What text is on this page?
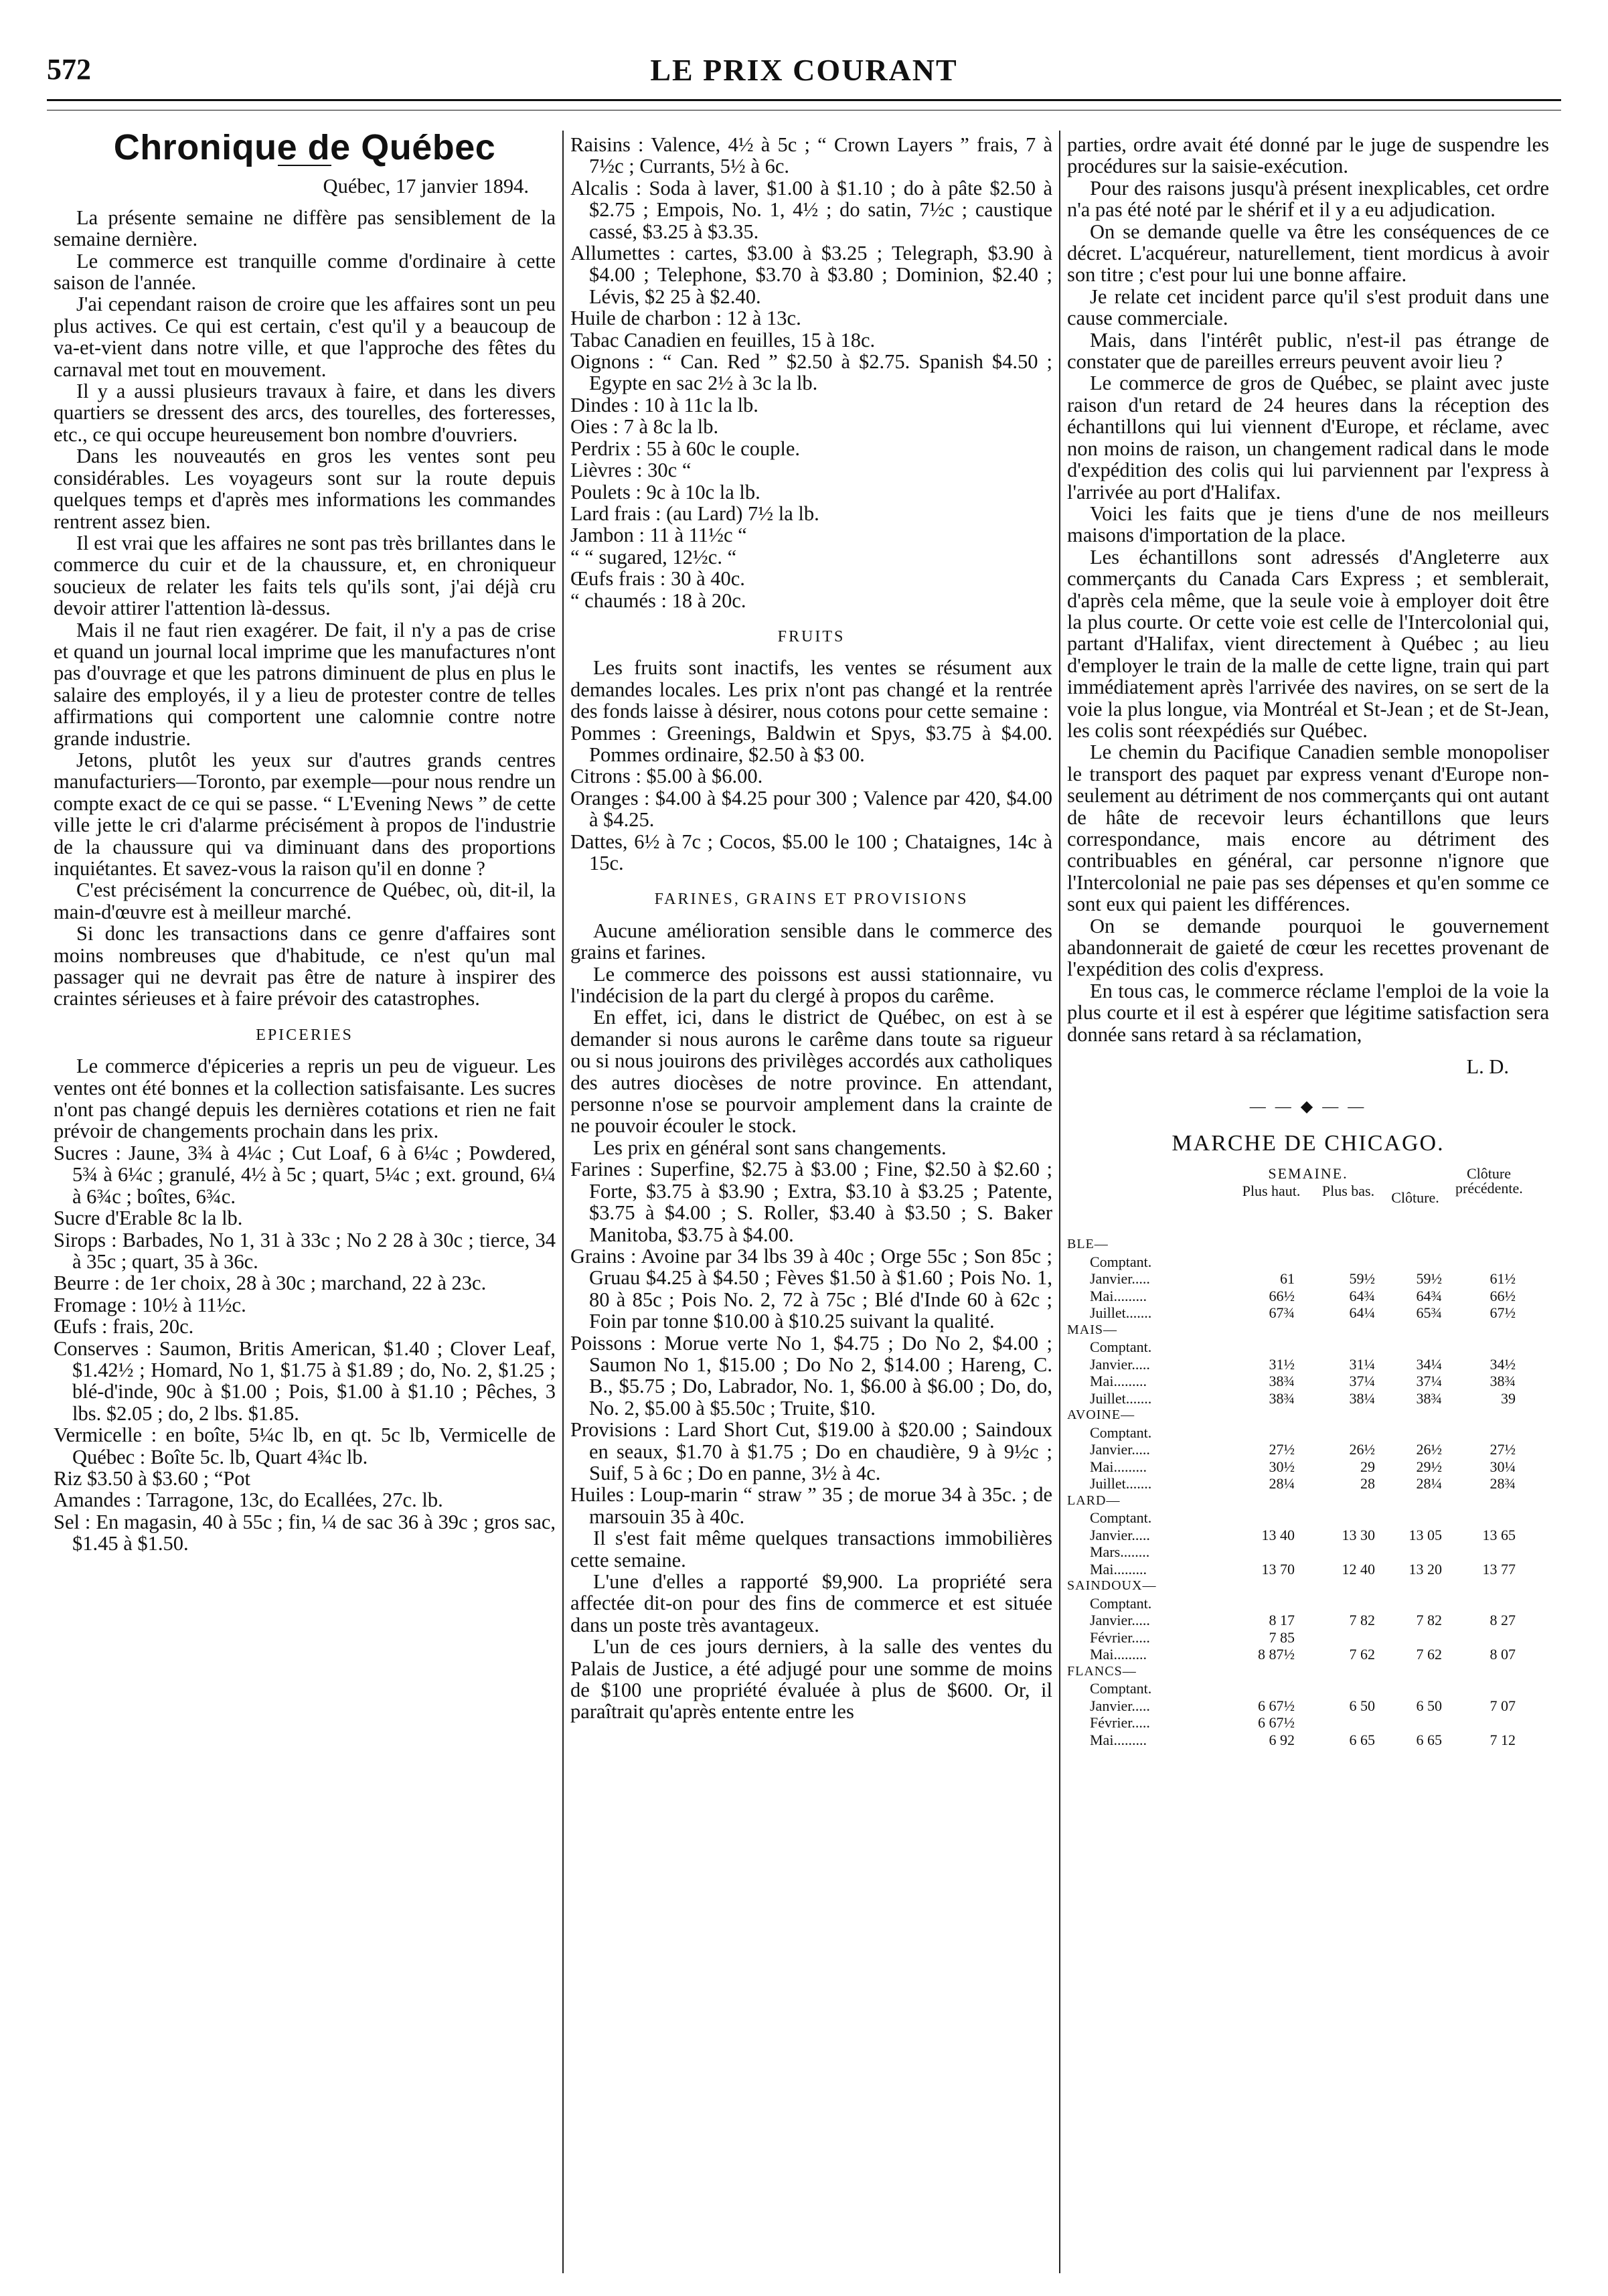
572	LE PRIX COURANT
Chronique de Québec
Québec, 17 janvier 1894.

La présente semaine ne diffère pas sensiblement de la semaine dernière.

Le commerce est tranquille comme d'ordinaire à cette saison de l'année.

J'ai cependant raison de croire que les affaires sont un peu plus actives. Ce qui est certain, c'est qu'il y a beaucoup de va-et-vient dans notre ville, et que l'approche des fêtes du carnaval met tout en mouvement.

Il y a aussi plusieurs travaux à faire, et dans les divers quartiers se dressent des arcs, des tourelles, des forteresses, etc., ce qui occupe heureusement bon nombre d'ouvriers.

Dans les nouveautés en gros les ventes sont peu considérables. Les voyageurs sont sur la route depuis quelques temps et d'après mes informations les commandes rentrent assez bien.

Il est vrai que les affaires ne sont pas très brillantes dans le commerce du cuir et de la chaussure, et, en chroniqueur soucieux de relater les faits tels qu'ils sont, j'ai déjà cru devoir attirer l'attention là-dessus.

Mais il ne faut rien exagérer. De fait, il n'y a pas de crise et quand un journal local imprime que les manufactures n'ont pas d'ouvrage et que les patrons diminuent de plus en plus le salaire des employés, il y a lieu de protester contre de telles affirmations qui comportent une calomnie contre notre grande industrie.

Jetons, plutôt les yeux sur d'autres grands centres manufacturiers—Toronto, par exemple—pour nous rendre un compte exact de ce qui se passe. “ L'Evening News ” de cette ville jette le cri d'alarme précisément à propos de l'industrie de la chaussure qui va diminuant dans des proportions inquiétantes. Et savez-vous la raison qu'il en donne ?

C'est précisément la concurrence de Québec, où, dit-il, la main-d'œuvre est à meilleur marché.

Si donc les transactions dans ce genre d'affaires sont moins nombreuses que d'habitude, ce n'est qu'un mal passager qui ne devrait pas être de nature à inspirer des craintes sérieuses et à faire prévoir des catastrophes.

EPICERIES

Le commerce d'épiceries a repris un peu de vigueur. Les ventes ont été bonnes et la collection satisfaisante. Les sucres n'ont pas changé depuis les dernières cotations et rien ne fait prévoir de changements prochain dans les prix.

Sucres : Jaune, 3¾ à 4¼c ; Cut Loaf, 6 à 6¼c ; Powdered, 5¾ à 6¼c ; granulé, 4½ à 5c ; quart, 5¼c ; ext. ground, 6¼ à 6¾c ; boîtes, 6¾c.

Sucre d'Erable 8c la lb.

Sirops : Barbades, No 1, 31 à 33c ; No 2 28 à 30c ; tierce, 34 à 35c ; quart, 35 à 36c.

Beurre : de 1er choix, 28 à 30c ; marchand, 22 à 23c.

Fromage : 10½ à 11½c.

Œufs : frais, 20c.

Conserves : Saumon, Britis American, $1.40 ; Clover Leaf, $1.42½ ; Homard, No 1, $1.75 à $1.89 ; do, No. 2, $1.25 ; blé-d'inde, 90c à $1.00 ; Pois, $1.00 à $1.10 ; Pêches, 3 lbs. $2.05 ; do, 2 lbs. $1.85.

Vermicelle : en boîte, 5¼c lb, en qt. 5c lb, Vermicelle de Québec : Boîte 5c. lb, Quart 4¾c lb.

Riz $3.50 à $3.60 ; “Pot

Amandes : Tarragone, 13c, do Ecallées, 27c. lb.

Sel : En magasin, 40 à 55c ; fin, ¼ de sac 36 à 39c ; gros sac, $1.45 à $1.50.

Raisins : Valence, 4½ à 5c ; “ Crown Layers ” frais, 7 à 7½c ; Currants, 5½ à 6c.

Alcalis : Soda à laver, $1.00 à $1.10 ; do à pâte $2.50 à $2.75 ; Empois, No. 1, 4½ ; do satin, 7½c ; caustique cassé, $3.25 à $3.35.

Allumettes : cartes, $3.00 à $3.25 ; Telegraph, $3.90 à $4.00 ; Telephone, $3.70 à $3.80 ; Dominion, $2.40 ; Lévis, $2 25 à $2.40.

Huile de charbon : 12 à 13c.

Tabac Canadien en feuilles, 15 à 18c.

Oignons : “ Can. Red ” $2.50 à $2.75. Spanish $4.50 ; Egypte en sac 2½ à 3c la lb.

Dindes : 10 à 11c la lb.

Oies : 7 à 8c la lb.

Perdrix : 55 à 60c le couple.

Lièvres : 30c “

Poulets : 9c à 10c la lb.

Lard frais : (au Lard) 7½ la lb.

Jambon : 11 à 11½c “

“ “ sugared, 12½c. “

Œufs frais : 30 à 40c.

“ chaumés : 18 à 20c.

FRUITS

Les fruits sont inactifs, les ventes se résument aux demandes locales. Les prix n'ont pas changé et la rentrée des fonds laisse à désirer, nous cotons pour cette semaine :

Pommes : Greenings, Baldwin et Spys, $3.75 à $4.00. Pommes ordinaire, $2.50 à $3 00.

Citrons : $5.00 à $6.00.

Oranges : $4.00 à $4.25 pour 300 ; Valence par 420, $4.00 à $4.25.

Dattes, 6½ à 7c ; Cocos, $5.00 le 100 ; Chataignes, 14c à 15c.

FARINES, GRAINS ET PROVISIONS

Aucune amélioration sensible dans le commerce des grains et farines.

Le commerce des poissons est aussi stationnaire, vu l'indécision de la part du clergé à propos du carême.

En effet, ici, dans le district de Québec, on est à se demander si nous aurons le carême dans toute sa rigueur ou si nous jouirons des privilèges accordés aux catholiques des autres diocèses de notre province. En attendant, personne n'ose se pourvoir amplement dans la crainte de ne pouvoir écouler le stock.

Les prix en général sont sans changements.

Farines : Superfine, $2.75 à $3.00 ; Fine, $2.50 à $2.60 ; Forte, $3.75 à $3.90 ; Extra, $3.10 à $3.25 ; Patente, $3.75 à $4.00 ; S. Roller, $3.40 à $3.50 ; S. Baker Manitoba, $3.75 à $4.00.

Grains : Avoine par 34 lbs 39 à 40c ; Orge 55c ; Son 85c ; Gruau $4.25 à $4.50 ; Fèves $1.50 à $1.60 ; Pois No. 1, 80 à 85c ; Pois No. 2, 72 à 75c ; Blé d'Inde 60 à 62c ; Foin par tonne $10.00 à $10.25 suivant la qualité.

Poissons : Morue verte No 1, $4.75 ; Do No 2, $4.00 ; Saumon No 1, $15.00 ; Do No 2, $14.00 ; Hareng, C. B., $5.75 ; Do, Labrador, No. 1, $6.00 à $6.00 ; Do, do, No. 2, $5.00 à $5.50c ; Truite, $10.

Provisions : Lard Short Cut, $19.00 à $20.00 ; Saindoux en seaux, $1.70 à $1.75 ; Do en chaudière, 9 à 9½c ; Suif, 5 à 6c ; Do en panne, 3½ à 4c.

Huiles : Loup-marin “ straw ” 35 ; de morue 34 à 35c. ; de marsouin 35 à 40c.

Il s'est fait même quelques transactions immobilières cette semaine.

L'une d'elles a rapporté $9,900. La propriété sera affectée dit-on pour des fins de commerce et est située dans un poste très avantageux.

L'un de ces jours derniers, à la salle des ventes du Palais de Justice, a été adjugé pour une somme de moins de $100 une propriété évaluée à plus de $600. Or, il paraîtrait qu'après entente entre les

parties, ordre avait été donné par le juge de suspendre les procédures sur la saisie-exécution.

Pour des raisons jusqu'à présent inexplicables, cet ordre n'a pas été noté par le shérif et il y a eu adjudication.

On se demande quelle va être les conséquences de ce décret. L'acquéreur, naturellement, tient mordicus à avoir son titre ; c'est pour lui une bonne affaire.

Je relate cet incident parce qu'il s'est produit dans une cause commerciale.

Mais, dans l'intérêt public, n'est-il pas étrange de constater que de pareilles erreurs peuvent avoir lieu ?

Le commerce de gros de Québec, se plaint avec juste raison d'un retard de 24 heures dans la réception des échantillons qui lui viennent d'Europe, et réclame, avec non moins de raison, un changement radical dans le mode d'expédition des colis qui lui parviennent par l'express à l'arrivée au port d'Halifax.

Voici les faits que je tiens d'une de nos meilleurs maisons d'importation de la place.

Les échantillons sont adressés d'Angleterre aux commerçants du Canada Cars Express ; et semblerait, d'après cela même, que la seule voie à employer doit être la plus courte. Or cette voie est celle de l'Intercolonial qui, partant d'Halifax, vient directement à Québec ; au lieu d'employer le train de la malle de cette ligne, train qui part immédiatement après l'arrivée des navires, on se sert de la voie la plus longue, via Montréal et St-Jean ; et de St-Jean, les colis sont réexpédiés sur Québec.

Le chemin du Pacifique Canadien semble monopoliser le transport des paquet par express venant d'Europe non-seulement au détriment de nos commerçants qui ont autant de hâte de recevoir leurs échantillons que leurs correspondance, mais encore au détriment des contribuables en général, car personne n'ignore que l'Intercolonial ne paie pas ses dépenses et qu'en somme ce sont eux qui paient les différences.

On se demande pourquoi le gouvernement abandonnerait de gaieté de cœur les recettes provenant de l'expédition des colis d'express.

En tous cas, le commerce réclame l'emploi de la voie la plus courte et il est à espérer que légitime satisfaction sera donnée sans retard à sa réclamation,

L. D.
— — ◆ — —
MARCHE DE CHICAGO.
SEMAINE.
Plus haut.	Plus bas.	Clôture.
Clôture précédente.
BLE—
Comptant.
Janvier.....	61	59½	59½	61½
Mai.........	66½	64¾	64¾	66½
Juillet.......	67¾	64¼	65¾	67½
MAIS—
Comptant.
Janvier.....	31½	31¼	34¼	34½
Mai.........	38¾	37¼	37¼	38¾
Juillet.......	38¾	38¼	38¾	39
AVOINE—
Comptant.
Janvier.....	27½	26½	26½	27½
Mai.........	30½	29	29½	30¼
Juillet.......	28¼	28	28¼	28¾
LARD—
Comptant.
Janvier.....	13 40	13 30	13 05	13 65
Mars........
Mai.........	13 70	12 40	13 20	13 77
SAINDOUX—
Comptant.
Janvier.....	8 17	7 82	7 82	8 27
Février.....	7 85
Mai.........	8 87½	7 62	7 62	8 07
FLANCS—
Comptant.
Janvier.....	6 67½	6 50	6 50	7 07
Février.....	6 67½
Mai.........	6 92	6 65	6 65	7 12
